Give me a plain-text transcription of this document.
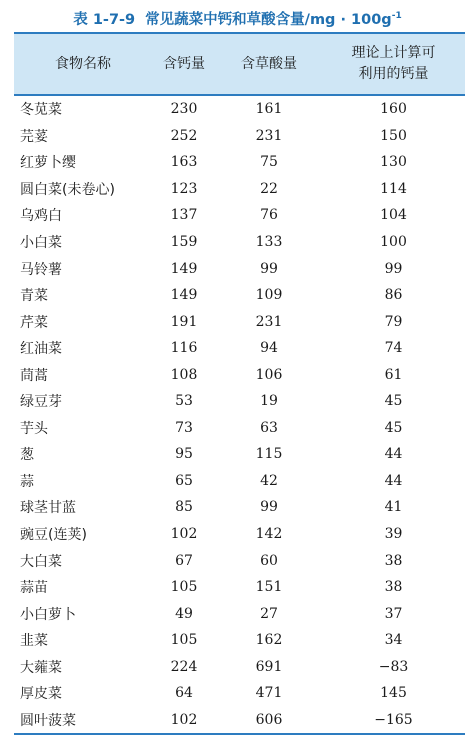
表 1-7-9 常见蔬菜中钙和草酸含量$/mg \cdot 100g^{-1}$
食物名称	含钙量	含草酸量	理论上计算可
利用的钙量
冬苋菜	230	161	160
芫荽	252	231	150
红萝卜缨	163	75	130
圆白菜(未卷心)	123	22	114
乌鸡白	137	76	104
小白菜	159	133	100
马铃薯	149	99	99
青菜	149	109	86
芹菜	191	231	79
红油菜	116	94	74
茼蒿	108	106	61
绿豆芽	53	19	45
芋头	73	63	45
葱	95	115	44
蒜	65	42	44
球茎甘蓝	85	99	41
豌豆(连荚)	102	142	39
大白菜	67	60	38
蒜苗	105	151	38
小白萝卜	49	27	37
韭菜	105	162	34
大蕹菜	224	691	−83
厚皮菜	64	471	145
圆叶菠菜	102	606	−165
